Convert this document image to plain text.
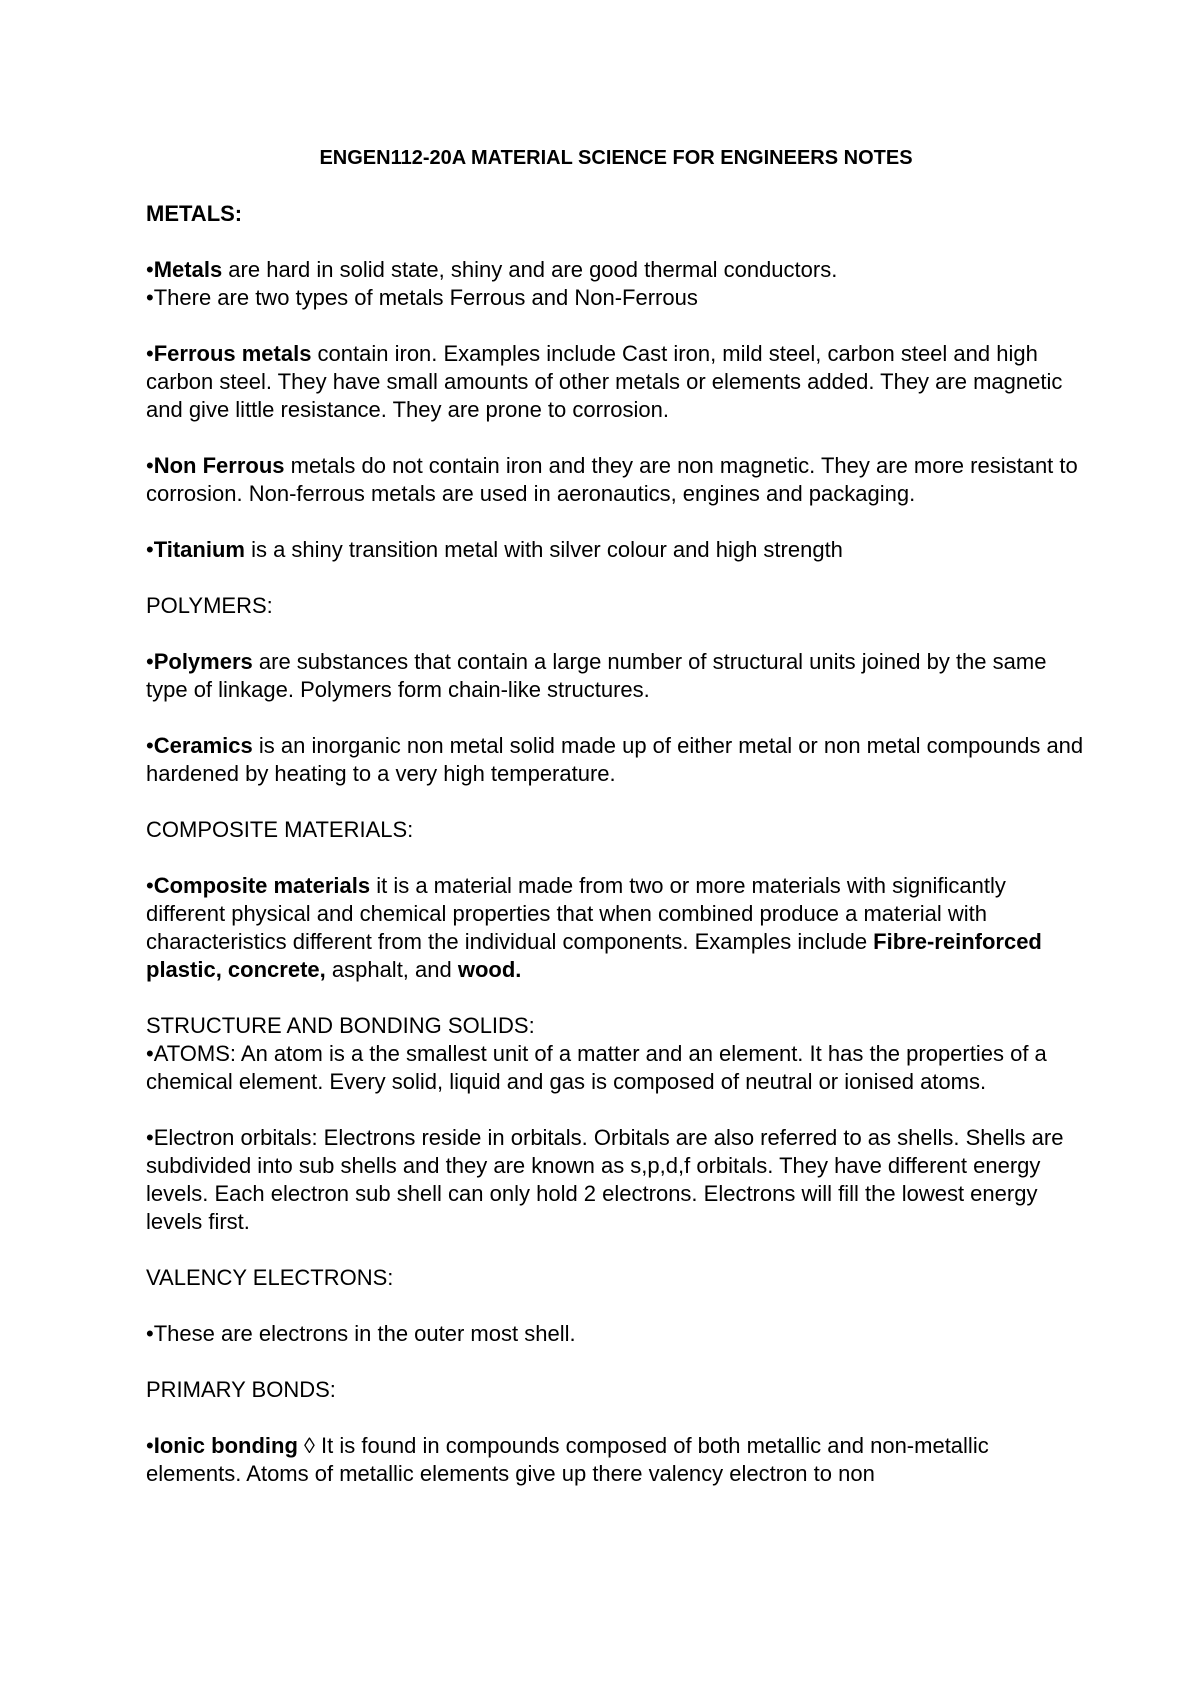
ENGEN112-20A MATERIAL SCIENCE FOR ENGINEERS NOTES
METALS:

•Metals are hard in solid state, shiny and are good thermal conductors.

•There are two types of metals Ferrous and Non-Ferrous

•Ferrous metals contain iron. Examples include Cast iron, mild steel, carbon steel and high carbon steel. They have small amounts of other metals or elements added. They are magnetic and give little resistance. They are prone to corrosion.

•Non Ferrous metals do not contain iron and they are non magnetic. They are more resistant to corrosion. Non-ferrous metals are used in aeronautics, engines and packaging.

•Titanium is a shiny transition metal with silver colour and high strength

POLYMERS:

•Polymers are substances that contain a large number of structural units joined by the same type of linkage. Polymers form chain-like structures.

•Ceramics is an inorganic non metal solid made up of either metal or non metal compounds and hardened by heating to a very high temperature.

COMPOSITE MATERIALS:

•Composite materials it is a material made from two or more materials with significantly different physical and chemical properties that when combined produce a material with characteristics different from the individual components. Examples include Fibre-reinforced plastic, concrete, asphalt, and wood.

STRUCTURE AND BONDING SOLIDS:

•ATOMS: An atom is a the smallest unit of a matter and an element. It has the properties of a chemical element. Every solid, liquid and gas is composed of neutral or ionised atoms.

•Electron orbitals: Electrons reside in orbitals. Orbitals are also referred to as shells. Shells are subdivided into sub shells and they are known as s,p,d,f orbitals. They have different energy levels. Each electron sub shell can only hold 2 electrons. Electrons will fill the lowest energy levels first.

VALENCY ELECTRONS:

•These are electrons in the outer most shell.

PRIMARY BONDS:

•Ionic bonding ◊ It is found in compounds composed of both metallic and non-metallic elements. Atoms of metallic elements give up there valency electron to non
